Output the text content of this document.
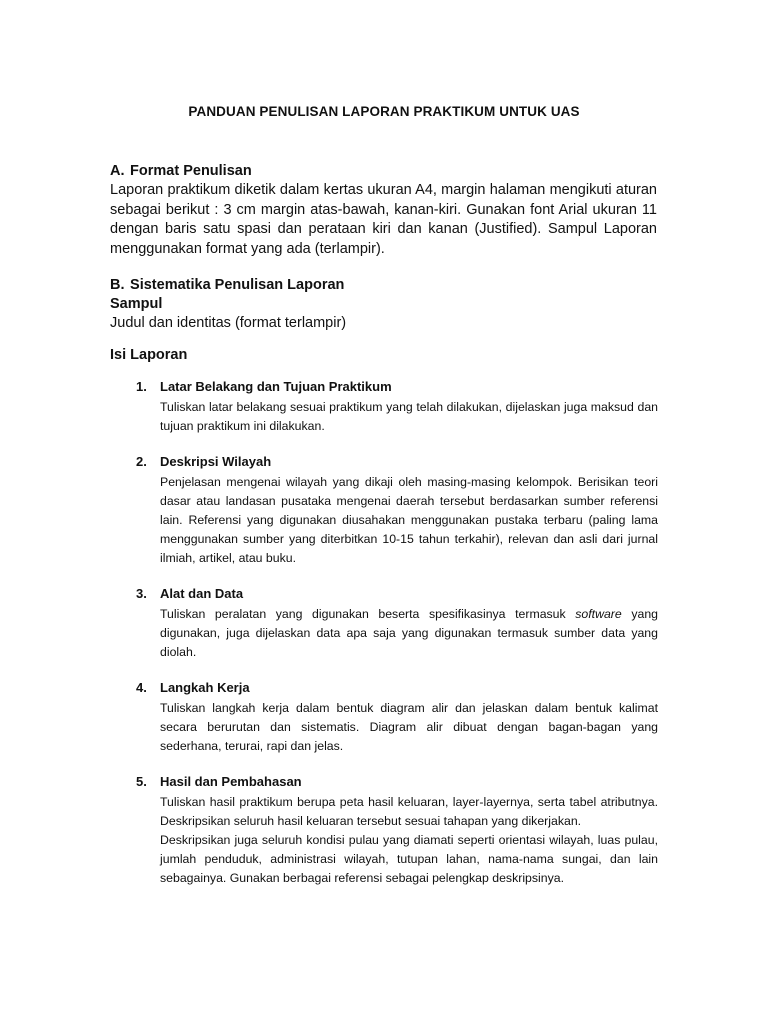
PANDUAN PENULISAN LAPORAN PRAKTIKUM UNTUK UAS
A. Format Penulisan
Laporan praktikum diketik dalam kertas ukuran A4, margin halaman mengikuti aturan sebagai berikut : 3 cm margin atas-bawah, kanan-kiri. Gunakan font Arial ukuran 11 dengan baris satu spasi dan perataan kiri dan kanan (Justified). Sampul Laporan menggunakan format yang ada (terlampir).
B. Sistematika Penulisan Laporan
Sampul
Judul dan identitas (format terlampir)
Isi Laporan
1. Latar Belakang dan Tujuan Praktikum
Tuliskan latar belakang sesuai praktikum yang telah dilakukan, dijelaskan juga maksud dan tujuan praktikum ini dilakukan.
2. Deskripsi Wilayah
Penjelasan mengenai wilayah yang dikaji oleh masing-masing kelompok. Berisikan teori dasar atau landasan pusataka mengenai daerah tersebut berdasarkan sumber referensi lain. Referensi yang digunakan diusahakan menggunakan pustaka terbaru (paling lama menggunakan sumber yang diterbitkan 10-15 tahun terkahir), relevan dan asli dari jurnal ilmiah, artikel, atau buku.
3. Alat dan Data
Tuliskan peralatan yang digunakan beserta spesifikasinya termasuk software yang digunakan, juga dijelaskan data apa saja yang digunakan termasuk sumber data yang diolah.
4. Langkah Kerja
Tuliskan langkah kerja dalam bentuk diagram alir dan jelaskan dalam bentuk kalimat secara berurutan dan sistematis. Diagram alir dibuat dengan bagan-bagan yang sederhana, terurai, rapi dan jelas.
5. Hasil dan Pembahasan

Tuliskan hasil praktikum berupa peta hasil keluaran, layer-layernya, serta tabel atributnya. Deskripsikan seluruh hasil keluaran tersebut sesuai tahapan yang dikerjakan.

Deskripsikan juga seluruh kondisi pulau yang diamati seperti orientasi wilayah, luas pulau, jumlah penduduk, administrasi wilayah, tutupan lahan, nama-nama sungai, dan lain sebagainya. Gunakan berbagai referensi sebagai pelengkap deskripsinya.
